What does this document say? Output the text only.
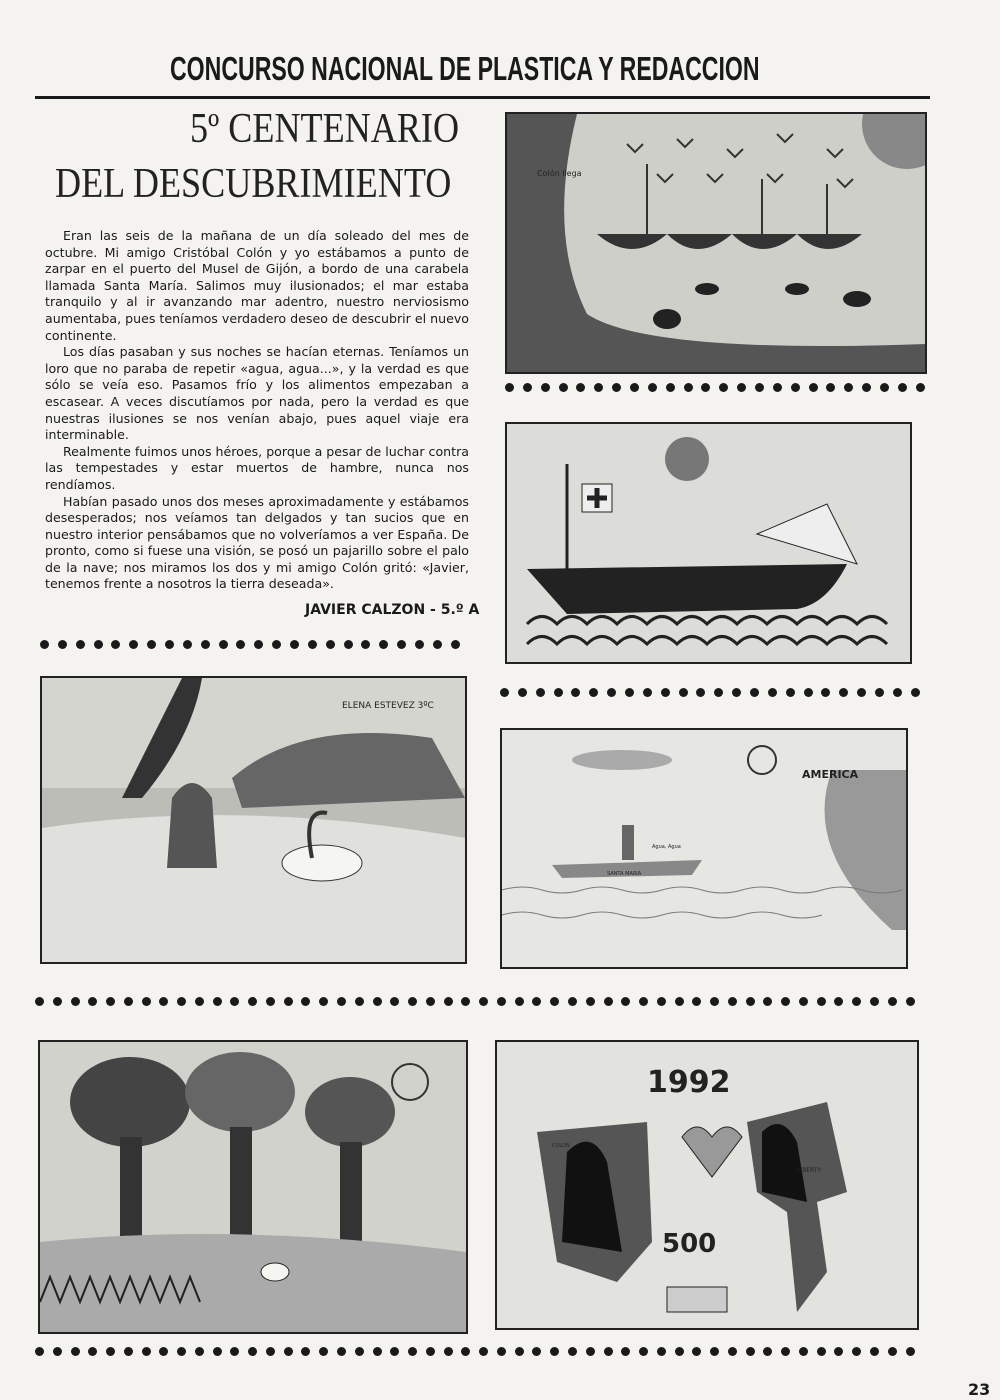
CONCURSO NACIONAL DE PLASTICA Y REDACCION
5º CENTENARIO
DEL DESCUBRIMIENTO

Eran las seis de la mañana de un día soleado del mes de octubre. Mi amigo Cristóbal Colón y yo estábamos a punto de zarpar en el puerto del Musel de Gijón, a bordo de una carabela llamada Santa María. Salimos muy ilusionados; el mar estaba tranquilo y al ir avanzando mar adentro, nuestro nerviosismo aumentaba, pues teníamos verdadero deseo de descubrir el nuevo continente.

Los días pasaban y sus noches se hacían eternas. Teníamos un loro que no paraba de repetir «agua, agua...», y la verdad es que sólo se veía eso. Pasamos frío y los alimentos empezaban a escasear. A veces discutíamos por nada, pero la verdad es que nuestras ilusiones se nos venían abajo, pues aquel viaje era interminable.

Realmente fuimos unos héroes, porque a pesar de luchar contra las tempestades y estar muertos de hambre, nunca nos rendíamos.

Habían pasado unos dos meses aproximadamente y estábamos desesperados; nos veíamos tan delgados y tan sucios que en nuestro interior pensábamos que no volveríamos a ver España. De pronto, como si fuese una visión, se posó un pajarillo sobre el palo de la nave; nos miramos los dos y mi amigo Colón gritó: «Javier, tenemos frente a nosotros la tierra deseada».

JAVIER CALZON - 5.º A
Colón llega
ELENA ESTEVEZ 3ºC
AMERICA
SANTA MARIA
Agua, Agua
1992
500
LIBERTY
COLON
23
